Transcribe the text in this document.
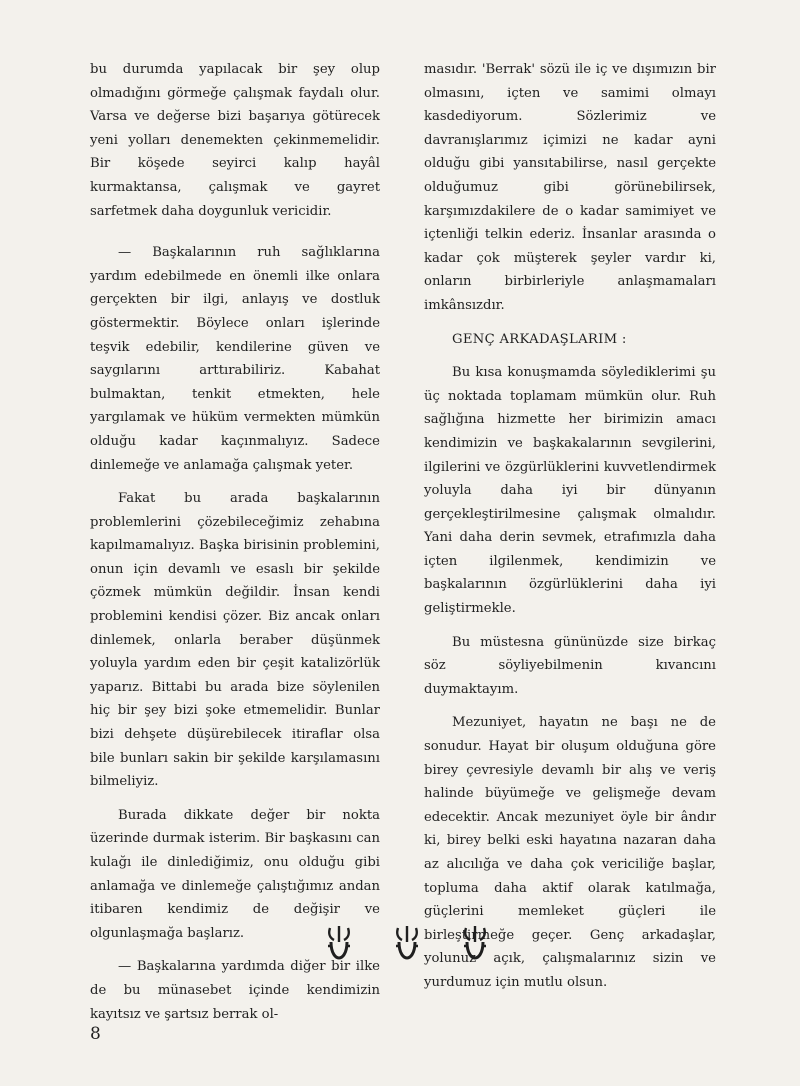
bu durumda yapılacak bir şey olup olmadığını görmeğe çalışmak faydalı olur. Varsa ve değerse bizi başarıya götürecek yeni yolları denemekten çekinmemelidir. Bir köşede seyirci kalıp hayâl kurmaktansa, çalışmak ve gayret sarfetmek daha doygunluk vericidir.

— Başkalarının ruh sağlıklarına yardım edebilmede en önemli ilke onlara gerçekten bir ilgi, anlayış ve dostluk göstermektir. Böylece onları işlerinde teşvik edebilir, kendilerine güven ve saygılarını arttırabiliriz. Kabahat bulmaktan, tenkit etmekten, hele yargılamak ve hüküm vermekten mümkün olduğu kadar kaçınmalıyız. Sadece dinlemeğe ve anlamağa çalışmak yeter.

Fakat bu arada başkalarının problemlerini çözebileceğimiz zehabına kapılmamalıyız. Başka birisinin problemini, onun için devamlı ve esaslı bir şekilde çözmek mümkün değildir. İnsan kendi problemini kendisi çözer. Biz ancak onları dinlemek, onlarla beraber düşünmek yoluyla yardım eden bir çeşit katalizörlük yaparız. Bittabi bu arada bize söylenilen hiç bir şey bizi şoke etmemelidir. Bunlar bizi dehşete düşürebilecek itiraflar olsa bile bunları sakin bir şekilde karşılamasını bilmeliyiz.

Burada dikkate değer bir nokta üzerinde durmak isterim. Bir başkasını can kulağı ile dinlediğimiz, onu olduğu gibi anlamağa ve dinlemeğe çalıştığımız andan itibaren kendimiz de değişir ve olgunlaşmağa başlarız.

— Başkalarına yardımda diğer bir ilke de bu münasebet içinde kendimizin kayıtsız ve şartsız berrak ol-

masıdır. 'Berrak' sözü ile iç ve dışımızın bir olmasını, içten ve samimi olmayı kasdediyorum. Sözlerimiz ve davranışlarımız içimizi ne kadar ayni olduğu gibi yansıtabilirse, nasıl gerçekte olduğumuz gibi görünebilirsek, karşımızdakilere de o kadar samimiyet ve içtenliği telkin ederiz. İnsanlar arasında o kadar çok müşterek şeyler vardır ki, onların birbirleriyle anlaşmamaları imkânsızdır.

GENÇ ARKADAŞLARIM :

Bu kısa konuşmamda söylediklerimi şu üç noktada toplamam mümkün olur. Ruh sağlığına hizmette her birimizin amacı kendimizin ve başkakalarının sevgilerini, ilgilerini ve özgürlüklerini kuvvetlendirmek yoluyla daha iyi bir dünyanın gerçekleştirilmesine çalışmak olmalıdır. Yani daha derin sevmek, etrafımızla daha içten ilgilenmek, kendimizin ve başkalarının özgürlüklerini daha iyi geliştirmekle.

Bu müstesna gününüzde size birkaç söz söyliyebilmenin kıvancını duymaktayım.

Mezuniyet, hayatın ne başı ne de sonudur. Hayat bir oluşum olduğuna göre birey çevresiyle devamlı bir alış ve veriş halinde büyümeğe ve gelişmeğe devam edecektir. Ancak mezuniyet öyle bir ândır ki, birey belki eski hayatına nazaran daha az alıcılığa ve daha çok vericiliğe başlar, topluma daha aktif olarak katılmağa, güçlerini memleket güçleri ile birleştirmeğe geçer. Genç arkadaşlar, yolunuz açık, çalışmalarınız sizin ve yurdumuz için mutlu olsun.

8
